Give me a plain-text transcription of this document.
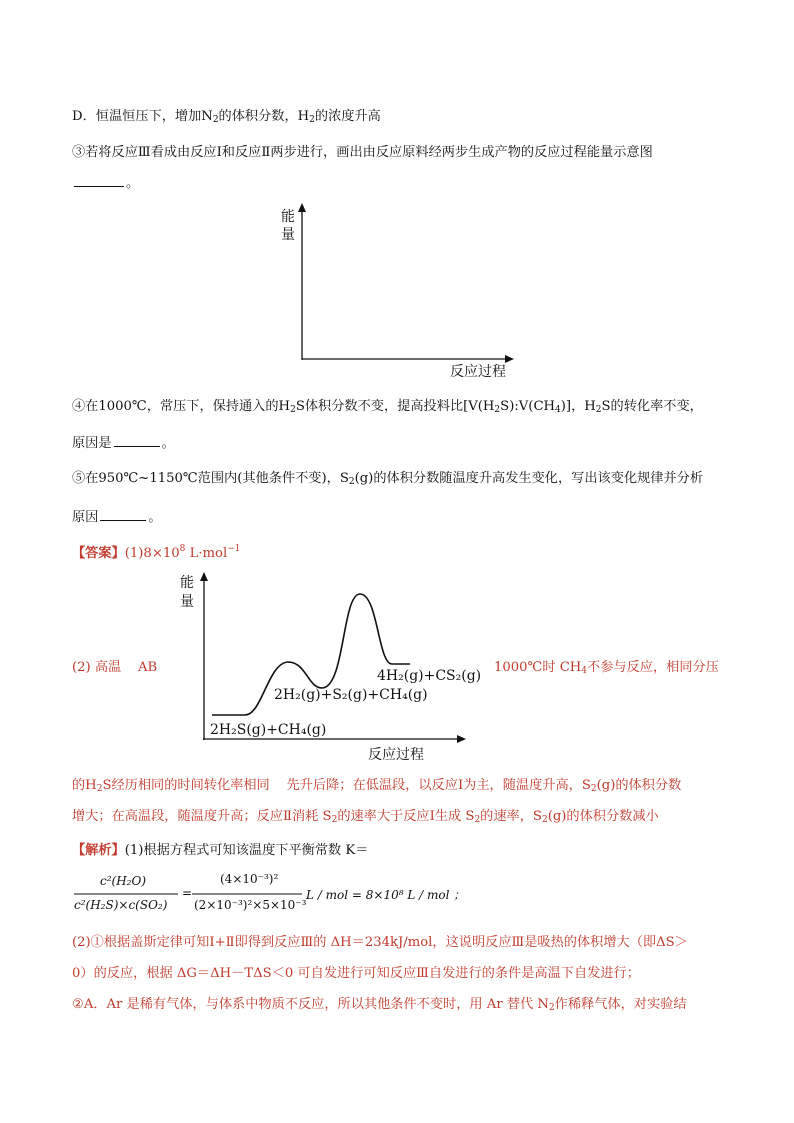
D．恒温恒压下，增加$N_2$的体积分数，$H_2$的浓度升高
③若将反应Ⅲ看成由反应Ⅰ和反应Ⅱ两步进行，画出由反应原料经两步生成产物的反应过程能量示意图
。
能
量
反应过程
④在1000℃，常压下，保持通入的$H_2S$体积分数不变，提高投料比$[V(H_2S):V(CH_4)]$，$H_2S$的转化率不变，
原因是	。
⑤在950℃~1150℃范围内(其他条件不变)，$S_2(g)$的体积分数随温度升高发生变化，写出该变化规律并分析
原因	。
【答案】$(1)8\times 10^8$ L·mol$^{-1}$
能
量
反应过程
2H₂S(g)+CH₄(g)
2H₂(g)+S₂(g)+CH₄(g)
4H₂(g)+CS₂(g)
(2) 高温 AB	1000℃时 $CH_4$不参与反应，相同分压
的$H_2S$经历相同的时间转化率相同 先升后降；在低温段，以反应Ⅰ为主，随温度升高，$S_2(g)$的体积分数
增大；在高温段，随温度升高；反应Ⅱ消耗 $S_2$的速率大于反应Ⅰ生成 $S_2$的速率，$S_2(g)$的体积分数减小
【解析】(1)根据方程式可知该温度下平衡常数 K＝
c²(H₂O)
c²(H₂S)×c(SO₂)
=
(4×10⁻³)²
(2×10⁻³)²×5×10⁻³
L / mol = 8×10⁸ L / mol ；
(2)①根据盖斯定律可知Ⅰ+Ⅱ即得到反应Ⅲ的 ΔH＝234kJ/mol，这说明反应Ⅲ是吸热的体积增大（即ΔS＞
0）的反应，根据 ΔG＝ΔH－TΔS＜0 可自发进行可知反应Ⅲ自发进行的条件是高温下自发进行；
②A．Ar 是稀有气体，与体系中物质不反应，所以其他条件不变时，用 Ar 替代 $N_2$作稀释气体，对实验结
